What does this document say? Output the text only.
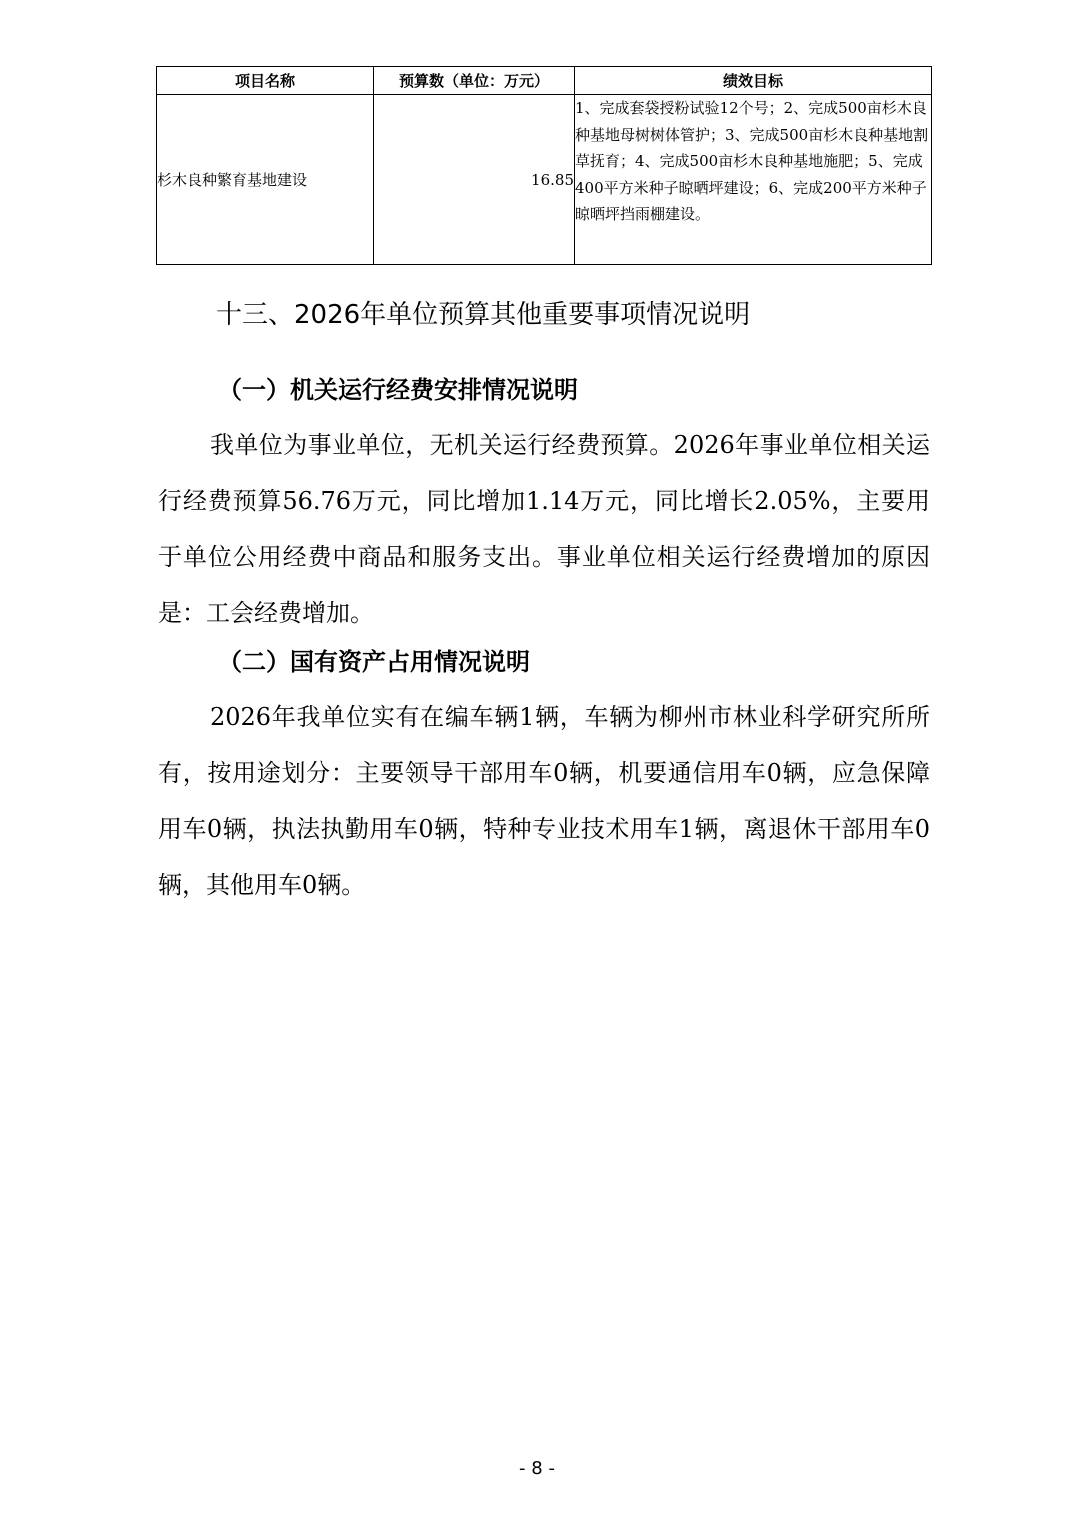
项目名称	预算数（单位：万元）	绩效目标
杉木良种繁育基地建设	16.85	1、完成套袋授粉试验12个号；2、完成500亩杉木良种基地母树树体管护；3、完成500亩杉木良种基地割草抚育；4、完成500亩杉木良种基地施肥；5、完成400平方米种子晾晒坪建设；6、完成200平方米种子晾晒坪挡雨棚建设。
十三、2026年单位预算其他重要事项情况说明
（一）机关运行经费安排情况说明

我单位为事业单位，无机关运行经费预算。2026年事业单位相关运行经费预算56.76万元，同比增加1.14万元，同比增长2.05%，主要用于单位公用经费中商品和服务支出。事业单位相关运行经费增加的原因是：工会经费增加。

（二）国有资产占用情况说明

2026年我单位实有在编车辆1辆，车辆为柳州市林业科学研究所所有，按用途划分：主要领导干部用车0辆，机要通信用车0辆，应急保障用车0辆，执法执勤用车0辆，特种专业技术用车1辆，离退休干部用车0辆，其他用车0辆。

- 8 -
